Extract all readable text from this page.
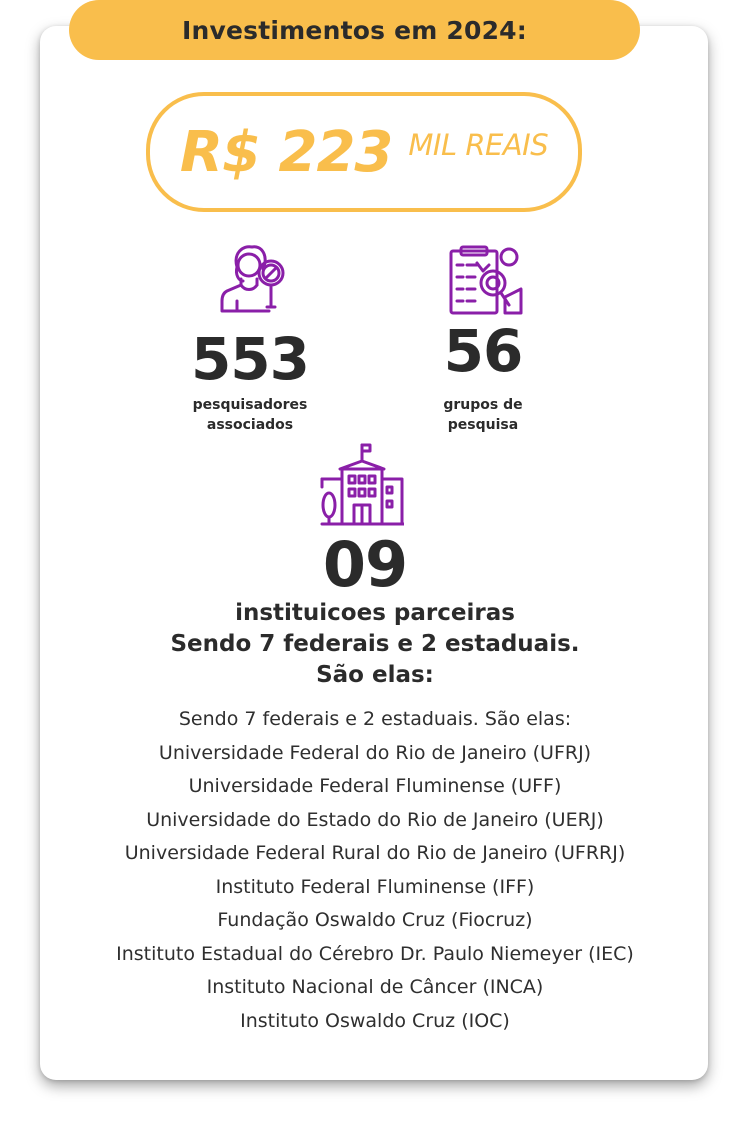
Investimentos em 2024:
R$ 223 MIL REAIS
553
pesquisadores
associados
56
grupos de
pesquisa
09
instituicoes parceiras
Sendo 7 federais e 2 estaduais.
São elas:
Sendo 7 federais e 2 estaduais. São elas:
Universidade Federal do Rio de Janeiro (UFRJ)
Universidade Federal Fluminense (UFF)
Universidade do Estado do Rio de Janeiro (UERJ)
Universidade Federal Rural do Rio de Janeiro (UFRRJ)
Instituto Federal Fluminense (IFF)
Fundação Oswaldo Cruz (Fiocruz)
Instituto Estadual do Cérebro Dr. Paulo Niemeyer (IEC)
Instituto Nacional de Câncer (INCA)
Instituto Oswaldo Cruz (IOC)
